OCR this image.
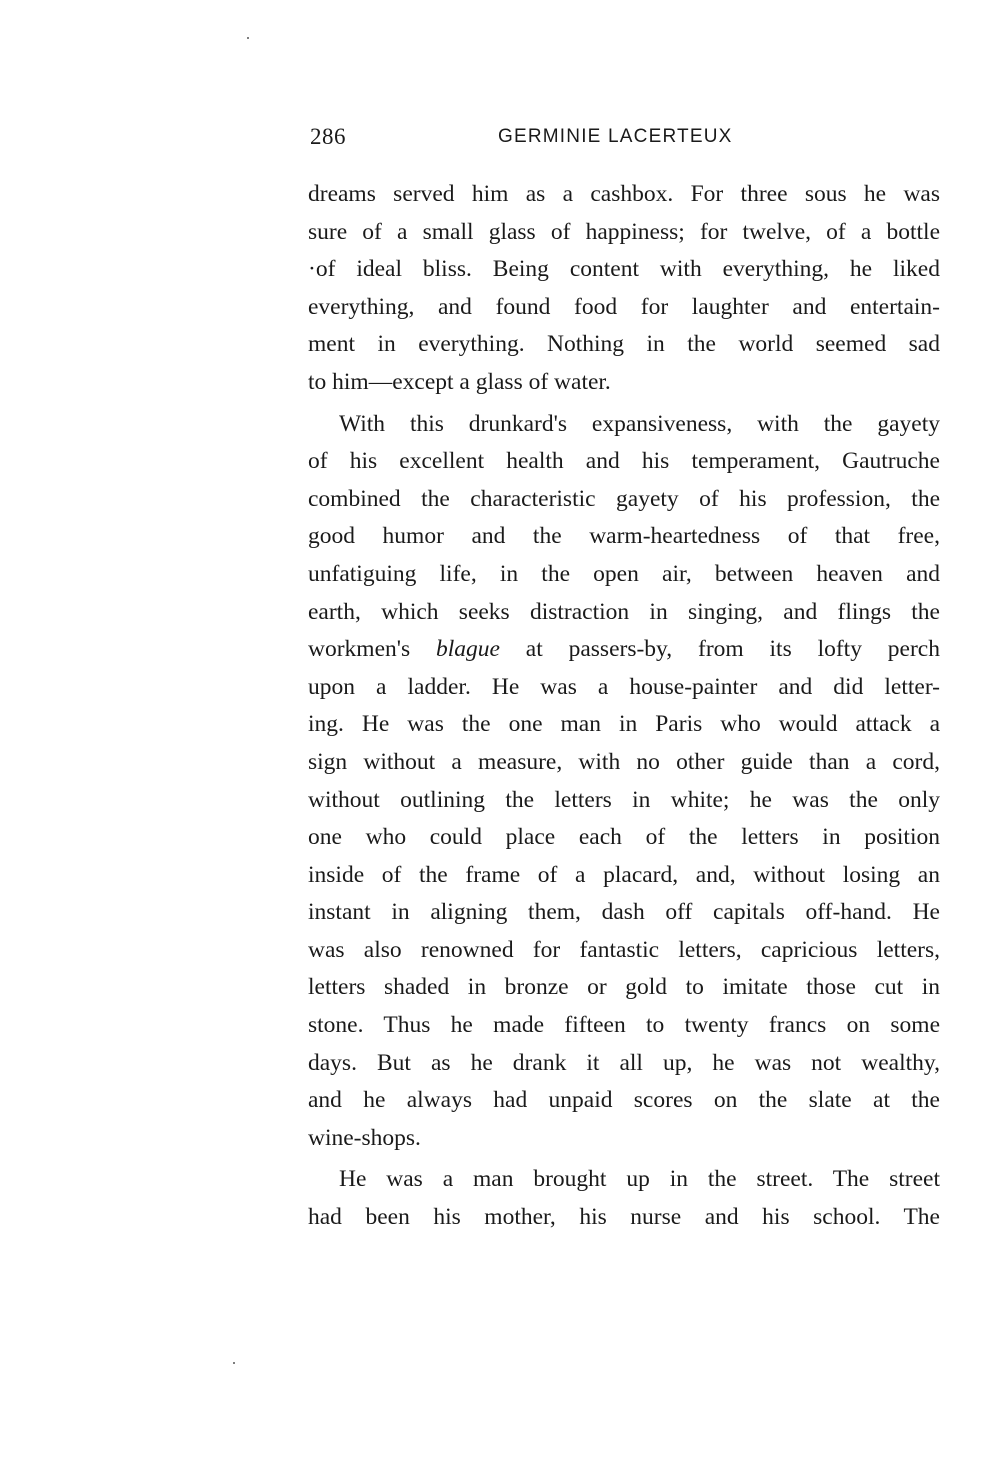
286	GERMINIE LACERTEUX

dreams served him as a cashbox. For three sous he was
sure of a small glass of happiness; for twelve, of a bottle
·of ideal bliss. Being content with everything, he liked
everything, and found food for laughter and entertain-
ment in everything. Nothing in the world seemed sad
to him—except a glass of water.

With this drunkard's expansiveness, with the gayety
of his excellent health and his temperament, Gautruche
combined the characteristic gayety of his profession, the
good humor and the warm-heartedness of that free,
unfatiguing life, in the open air, between heaven and
earth, which seeks distraction in singing, and flings the
workmen's blague at passers-by, from its lofty perch
upon a ladder. He was a house-painter and did letter-
ing. He was the one man in Paris who would attack a
sign without a measure, with no other guide than a cord,
without outlining the letters in white; he was the only
one who could place each of the letters in position
inside of the frame of a placard, and, without losing an
instant in aligning them, dash off capitals off-hand. He
was also renowned for fantastic letters, capricious letters,
letters shaded in bronze or gold to imitate those cut in
stone. Thus he made fifteen to twenty francs on some
days. But as he drank it all up, he was not wealthy,
and he always had unpaid scores on the slate at the
wine-shops.

He was a man brought up in the street. The street
had been his mother, his nurse and his school. The
